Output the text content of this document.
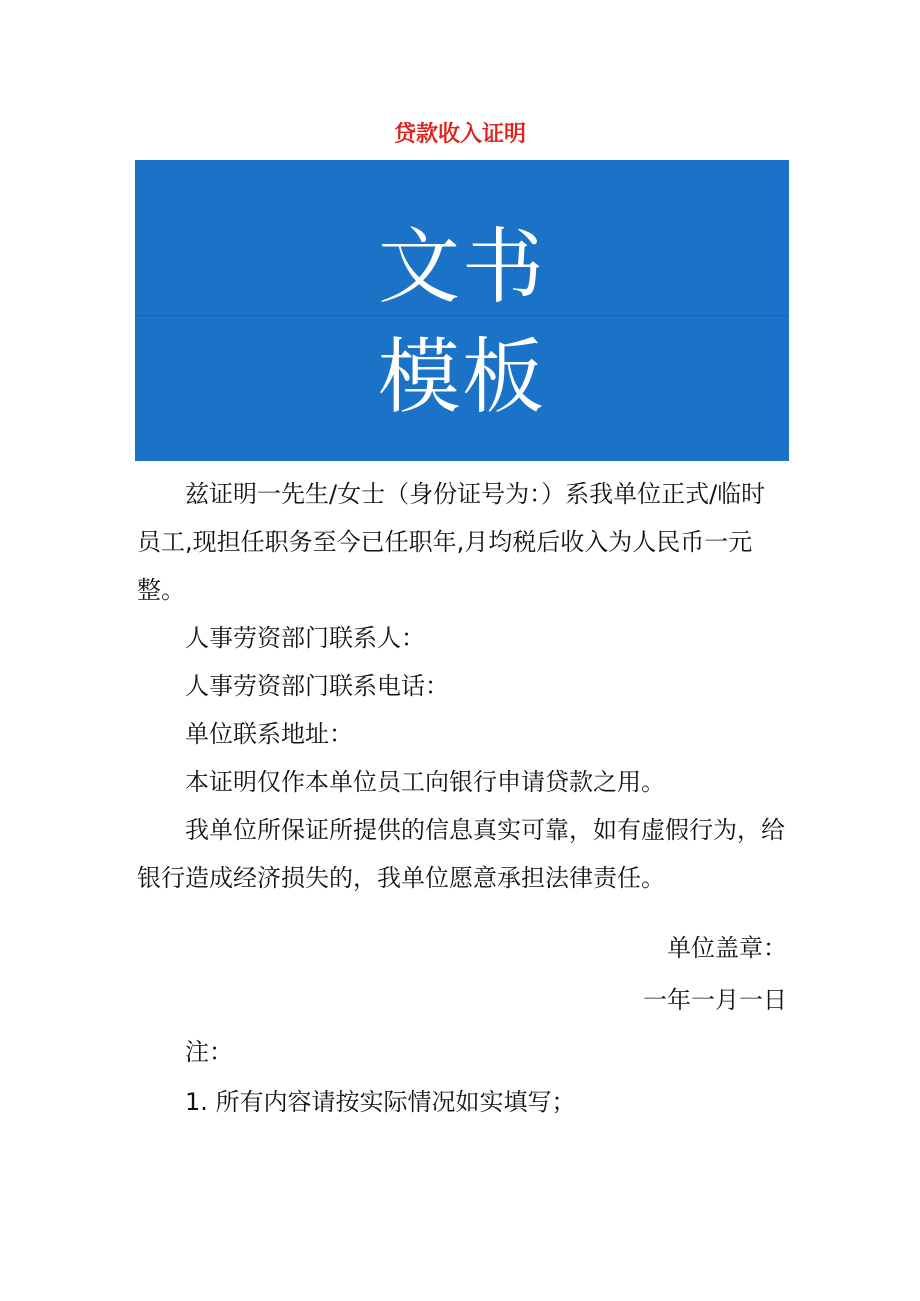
贷款收入证明
文书
模板

兹证明一先生/女士（身份证号为：）系我单位正式/临时员工,现担任职务至今已任职年,月均税后收入为人民币一元整。

人事劳资部门联系人：

人事劳资部门联系电话：

单位联系地址：

本证明仅作本单位员工向银行申请贷款之用。

我单位所保证所提供的信息真实可靠，如有虚假行为，给银行造成经济损失的，我单位愿意承担法律责任。

单位盖章：
一年一月一日
注：
1. 所有内容请按实际情况如实填写；
